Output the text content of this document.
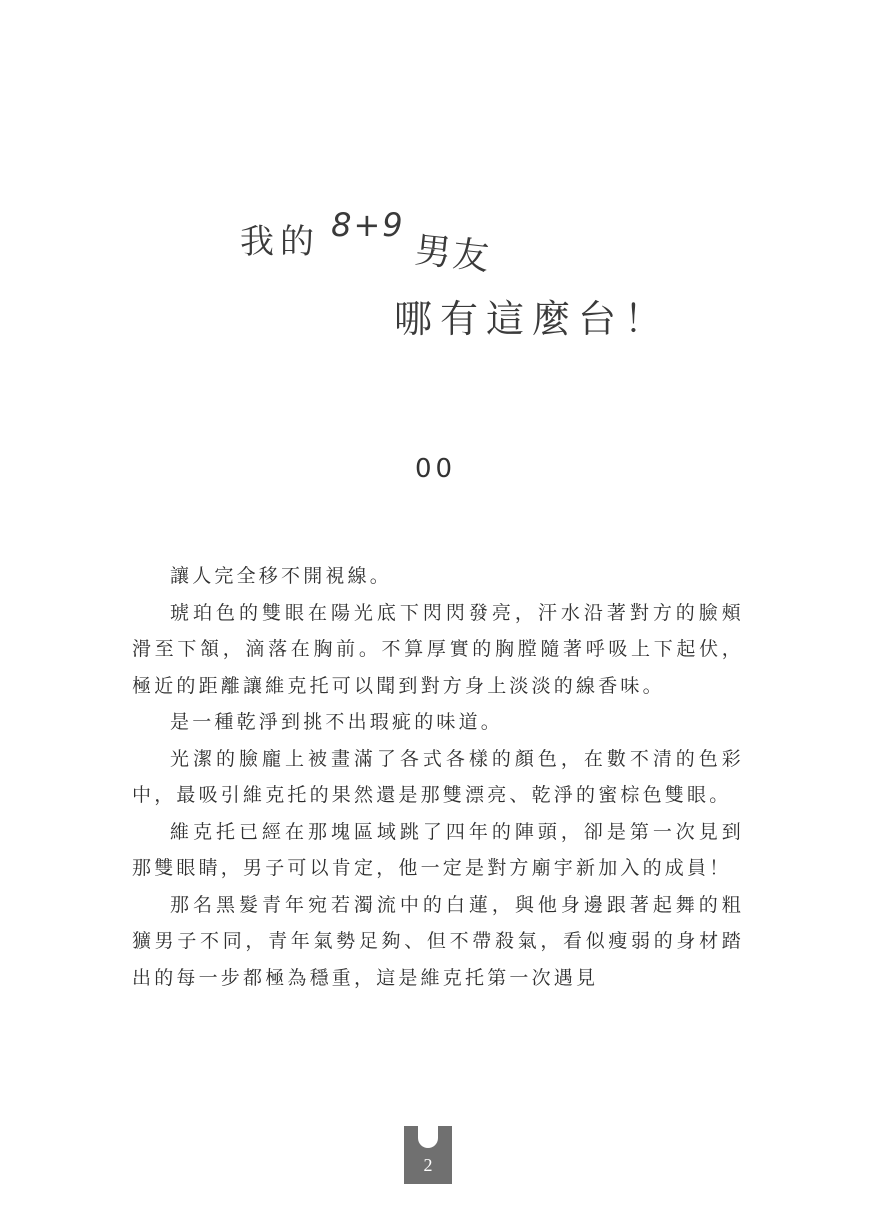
我的 8+9 男友
哪有這麼台！
00

讓人完全移不開視線。

琥珀色的雙眼在陽光底下閃閃發亮，汗水沿著對方的臉頰滑至下頷，滴落在胸前。不算厚實的胸膛隨著呼吸上下起伏，極近的距離讓維克托可以聞到對方身上淡淡的線香味。

是一種乾淨到挑不出瑕疵的味道。

光潔的臉龐上被畫滿了各式各樣的顏色，在數不清的色彩中，最吸引維克托的果然還是那雙漂亮、乾淨的蜜棕色雙眼。

維克托已經在那塊區域跳了四年的陣頭，卻是第一次見到那雙眼睛，男子可以肯定，他一定是對方廟宇新加入的成員！

那名黑髮青年宛若濁流中的白蓮，與他身邊跟著起舞的粗獷男子不同，青年氣勢足夠、但不帶殺氣，看似瘦弱的身材踏出的每一步都極為穩重，這是維克托第一次遇見

2
